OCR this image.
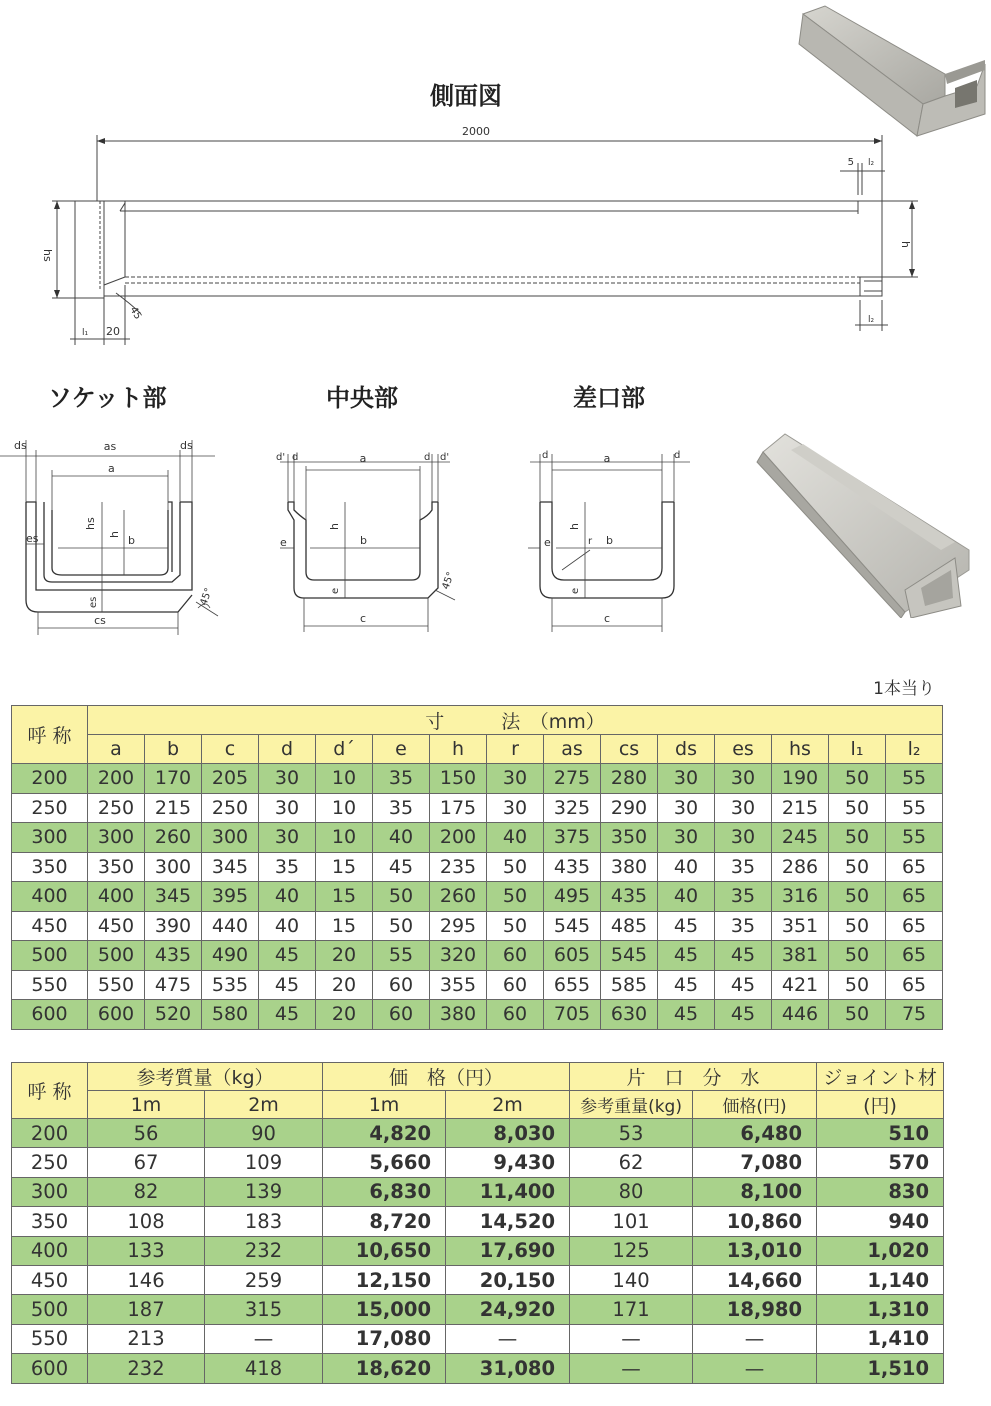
側面図
2000
5 l₂
hs
h
l₁ 20
45	l₂
ソケット部	中央部	差口部
ds	as	ds
a
hs
h b
es
es
cs
45°
d' d	a	d d'
h
e	b
e
c
45°
d	a	d
e
h
r b
e
c
1本当り
呼 称	寸　　　法　（mm）														
	a	b	c	d	d´	e	h	r	as	cs	ds	es	hs	l₁	l₂
200	200	170	205	30	10	35	150	30	275	280	30	30	190	50	55
250	250	215	250	30	10	35	175	30	325	290	30	30	215	50	55
300	300	260	300	30	10	40	200	40	375	350	30	30	245	50	55
350	350	300	345	35	15	45	235	50	435	380	40	35	286	50	65
400	400	345	395	40	15	50	260	50	495	435	40	35	316	50	65
450	450	390	440	40	15	50	295	50	545	485	45	35	351	50	65
500	500	435	490	45	20	55	320	60	605	545	45	45	381	50	65
550	550	475	535	45	20	60	355	60	655	585	45	45	421	50	65
600	600	520	580	45	20	60	380	60	705	630	45	45	446	50	75
呼 称	参考質量（kg）		価　格（円）		片　口　分　水		ジョイント材
	1m	2m	1m	2m	参考重量(kg)	価格(円)	(円)
200	56	90	4,820	8,030	53	6,480	510
250	67	109	5,660	9,430	62	7,080	570
300	82	139	6,830	11,400	80	8,100	830
350	108	183	8,720	14,520	101	10,860	940
400	133	232	10,650	17,690	125	13,010	1,020
450	146	259	12,150	20,150	140	14,660	1,140
500	187	315	15,000	24,920	171	18,980	1,310
550	213	—	17,080	—	—	—	1,410
600	232	418	18,620	31,080	—	—	1,510
